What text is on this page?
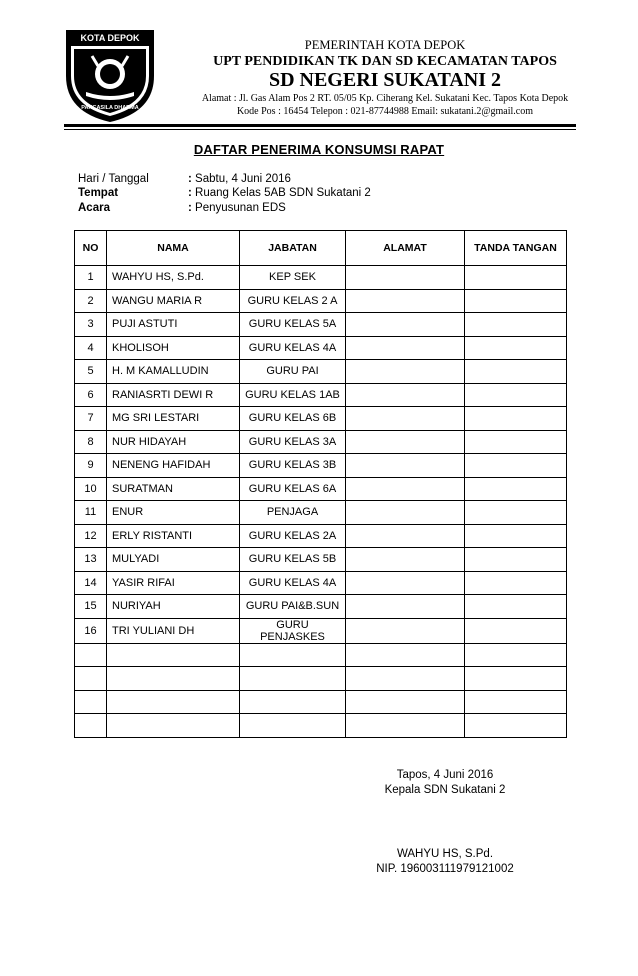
KOTA DEPOK
PANCASILA DHARMA
PEMERINTAH KOTA DEPOK
UPT PENDIDIKAN TK DAN SD KECAMATAN TAPOS
SD NEGERI SUKATANI 2
Alamat : Jl. Gas Alam Pos 2 RT. 05/05 Kp. Ciherang Kel. Sukatani Kec. Tapos Kota Depok
Kode Pos : 16454 Telepon : 021-87744988 Email: sukatani.2@gmail.com
DAFTAR PENERIMA KONSUMSI RAPAT
Hari / Tanggal	: Sabtu, 4 Juni 2016
Tempat	: Ruang Kelas 5AB SDN Sukatani 2
Acara	: Penyusunan EDS
NO	NAMA	JABATAN	ALAMAT	TANDA TANGAN
1	WAHYU HS, S.Pd.	KEP SEK		
2	WANGU MARIA R	GURU KELAS 2 A		
3	PUJI ASTUTI	GURU KELAS 5A		
4	KHOLISOH	GURU KELAS 4A		
5	H. M KAMALLUDIN	GURU PAI		
6	RANIASRTI DEWI R	GURU KELAS 1AB		
7	MG SRI LESTARI	GURU KELAS 6B		
8	NUR HIDAYAH	GURU KELAS 3A		
9	NENENG HAFIDAH	GURU KELAS 3B		
10	SURATMAN	GURU KELAS 6A		
11	ENUR	PENJAGA		
12	ERLY RISTANTI	GURU KELAS 2A		
13	MULYADI	GURU KELAS 5B		
14	YASIR RIFAI	GURU KELAS 4A		
15	NURIYAH	GURU PAI&B.SUN		
16	TRI YULIANI DH	GURU PENJASKES		

Tapos, 4 Juni 2016
Kepala SDN Sukatani 2
WAHYU HS, S.Pd.
NIP. 196003111979121002
